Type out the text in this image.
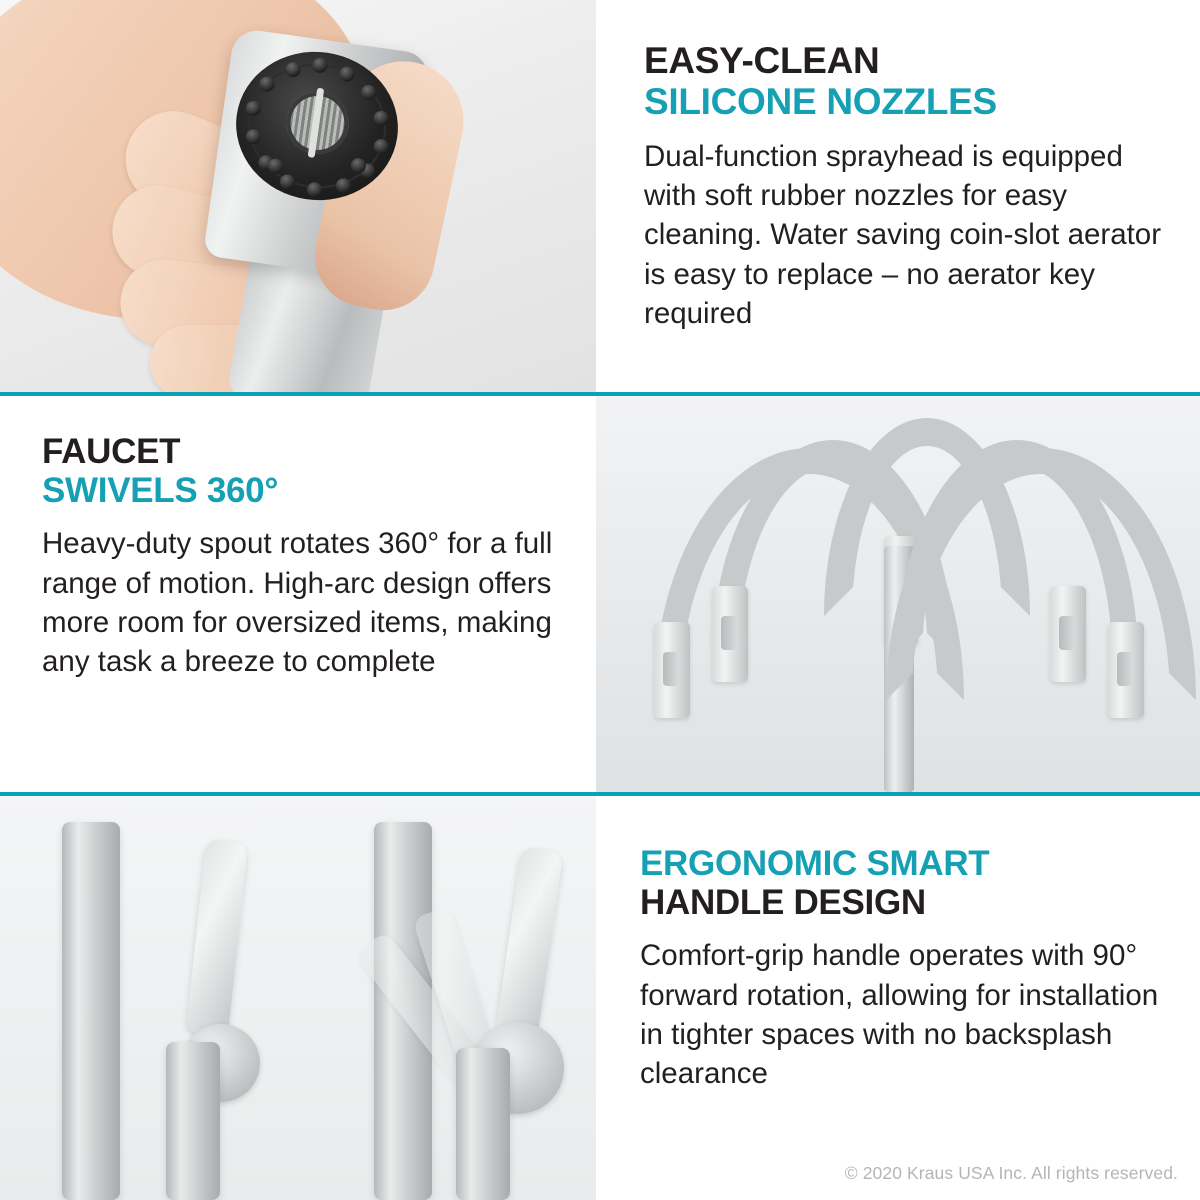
EASY-CLEAN
SILICONE NOZZLES

Dual-function sprayhead is equipped with soft rubber nozzles for easy cleaning. Water saving coin-slot aerator is easy to replace – no aerator key required

FAUCET
SWIVELS 360°

Heavy-duty spout rotates 360° for a full range of motion. High-arc design offers more room for oversized items, making any task a breeze to complete

ERGONOMIC SMART
HANDLE DESIGN

Comfort-grip handle operates with 90° forward rotation, allowing for installation in tighter spaces with no backsplash clearance

© 2020 Kraus USA Inc. All rights reserved.
